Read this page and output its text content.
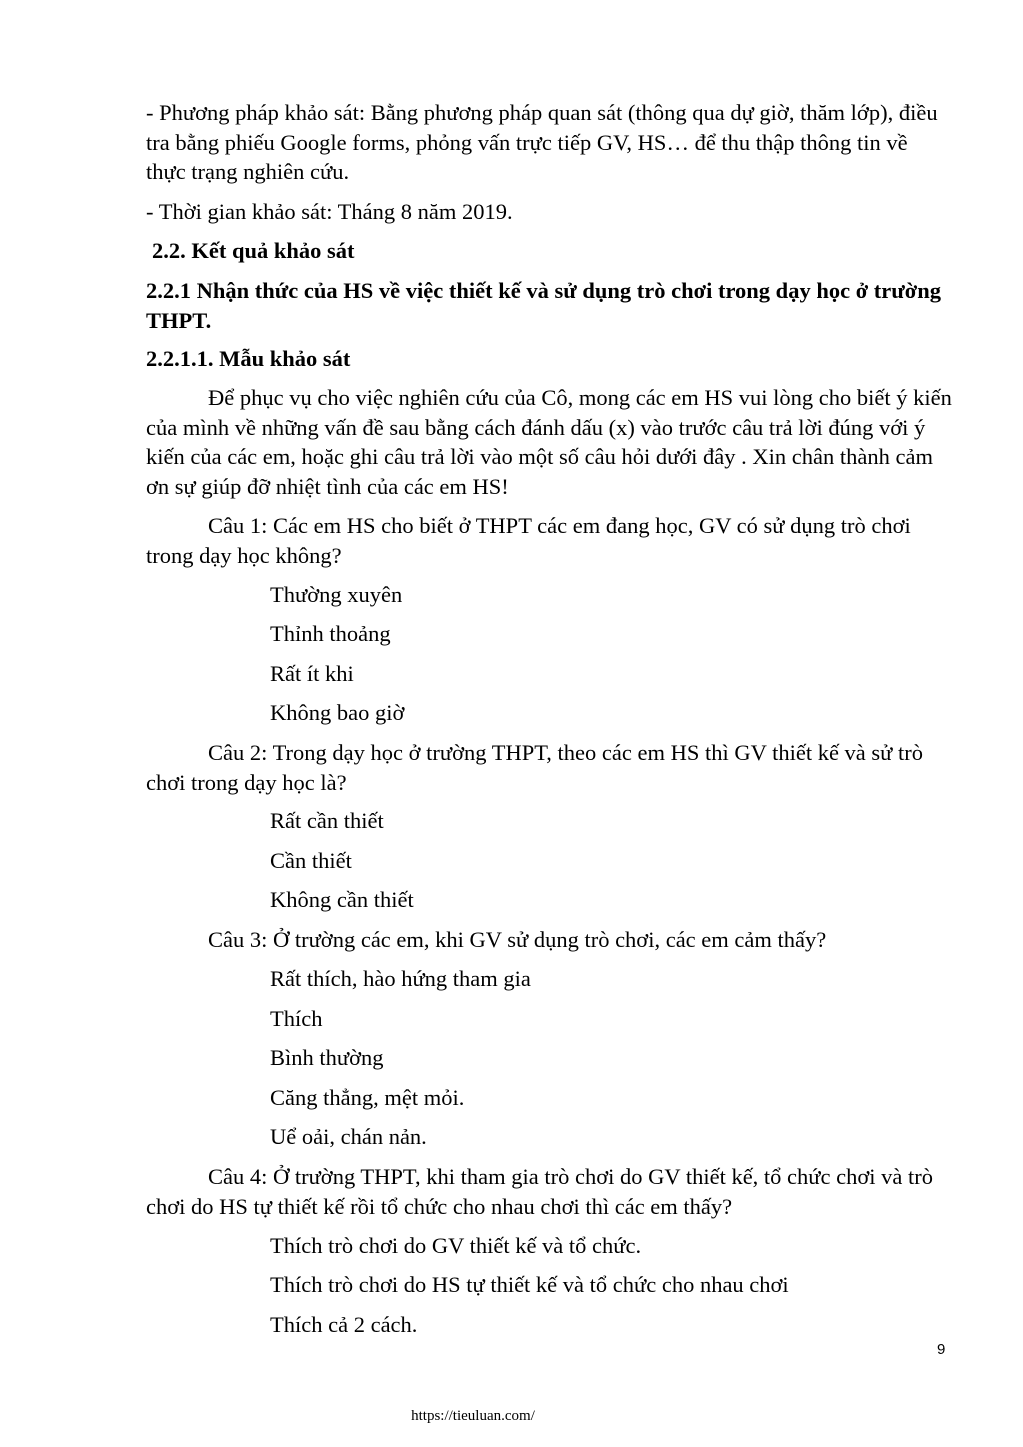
- Phương pháp khảo sát: Bằng phương pháp quan sát (thông qua dự giờ, thăm lớp), điều tra bằng phiếu Google forms, phỏng vấn trực tiếp GV, HS… để thu thập thông tin về thực trạng nghiên cứu.

- Thời gian khảo sát: Tháng 8 năm 2019.

2.2. Kết quả khảo sát

2.2.1 Nhận thức của HS về việc thiết kế và sử dụng trò chơi trong dạy học ở trường THPT.

2.2.1.1. Mẫu khảo sát

Để phục vụ cho việc nghiên cứu của Cô, mong các em HS vui lòng cho biết ý kiến của mình về những vấn đề sau bằng cách đánh dấu (x) vào trước câu trả lời đúng với ý kiến của các em, hoặc ghi câu trả lời vào một số câu hỏi dưới đây . Xin chân thành cảm ơn sự giúp đỡ nhiệt tình của các em HS!

Câu 1: Các em HS cho biết ở THPT các em đang học, GV có sử dụng trò chơi trong dạy học không?

Thường xuyên
Thỉnh thoảng
Rất ít khi
Không bao giờ

Câu 2: Trong dạy học ở trường THPT, theo các em HS thì GV thiết kế và sử trò chơi trong dạy học là?

Rất cần thiết
Cần thiết
Không cần thiết

Câu 3: Ở trường các em, khi GV sử dụng trò chơi, các em cảm thấy?

Rất thích, hào hứng tham gia
Thích
Bình thường
Căng thẳng, mệt mỏi.
Uể oải, chán nản.

Câu 4: Ở trường THPT, khi tham gia trò chơi do GV thiết kế, tổ chức chơi và trò chơi do HS tự thiết kế rồi tổ chức cho nhau chơi thì các em thấy?

Thích trò chơi do GV thiết kế và tổ chức.
Thích trò chơi do HS tự thiết kế và tổ chức cho nhau chơi
Thích cả 2 cách.
9
https://tieuluan.com/
